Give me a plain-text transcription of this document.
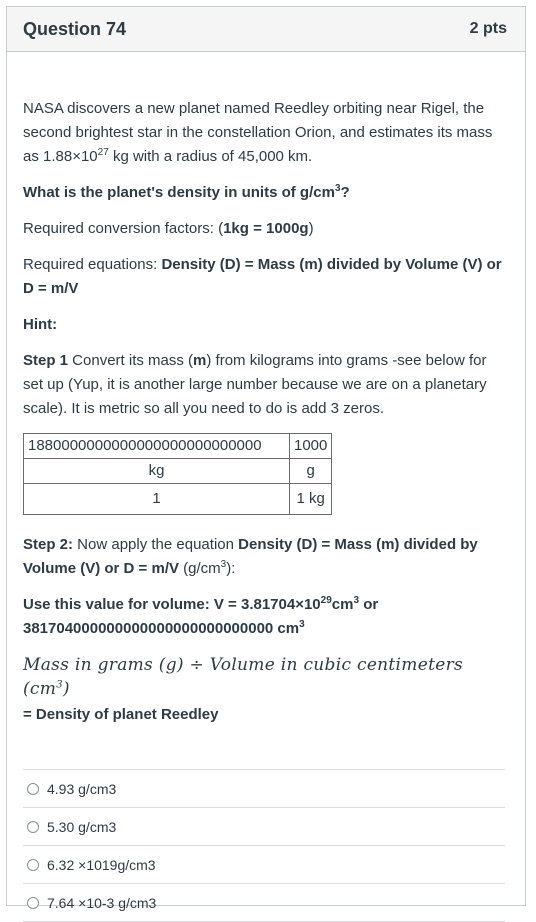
Question 74	2 pts

NASA discovers a new planet named Reedley orbiting near Rigel, the second brightest star in the constellation Orion, and estimates its mass as $1.88\times 10^{27}$ kg with a radius of 45,000 km.

What is the planet's density in units of $g/cm^3$?

Required conversion factors: (1kg = 1000g)

Required equations: Density (D) = Mass (m) divided by Volume (V) or D = m/V

Hint:

Step 1 Convert its mass (m) from kilograms into grams -see below for set up (Yup, it is another large number because we are on a planetary scale). It is metric so all you need to do is add 3 zeros.

1880000000000000000000000000	1000
kg	g
1	1 kg

Step 2: Now apply the equation Density (D) = Mass (m) divided by Volume (V) or D = m/V $(g/cm^3)$:

Use this value for volume: $V = 3.81704\times 10^{29}cm^3$ or 381704000000000000000000000000 $cm^3$

Mass in grams (g) ÷ Volume in cubic centimeters $(cm^3)$
= Density of planet Reedley
4.93 g/cm3
5.30 g/cm3
6.32 ×1019g/cm3
7.64 ×10-3 g/cm3
